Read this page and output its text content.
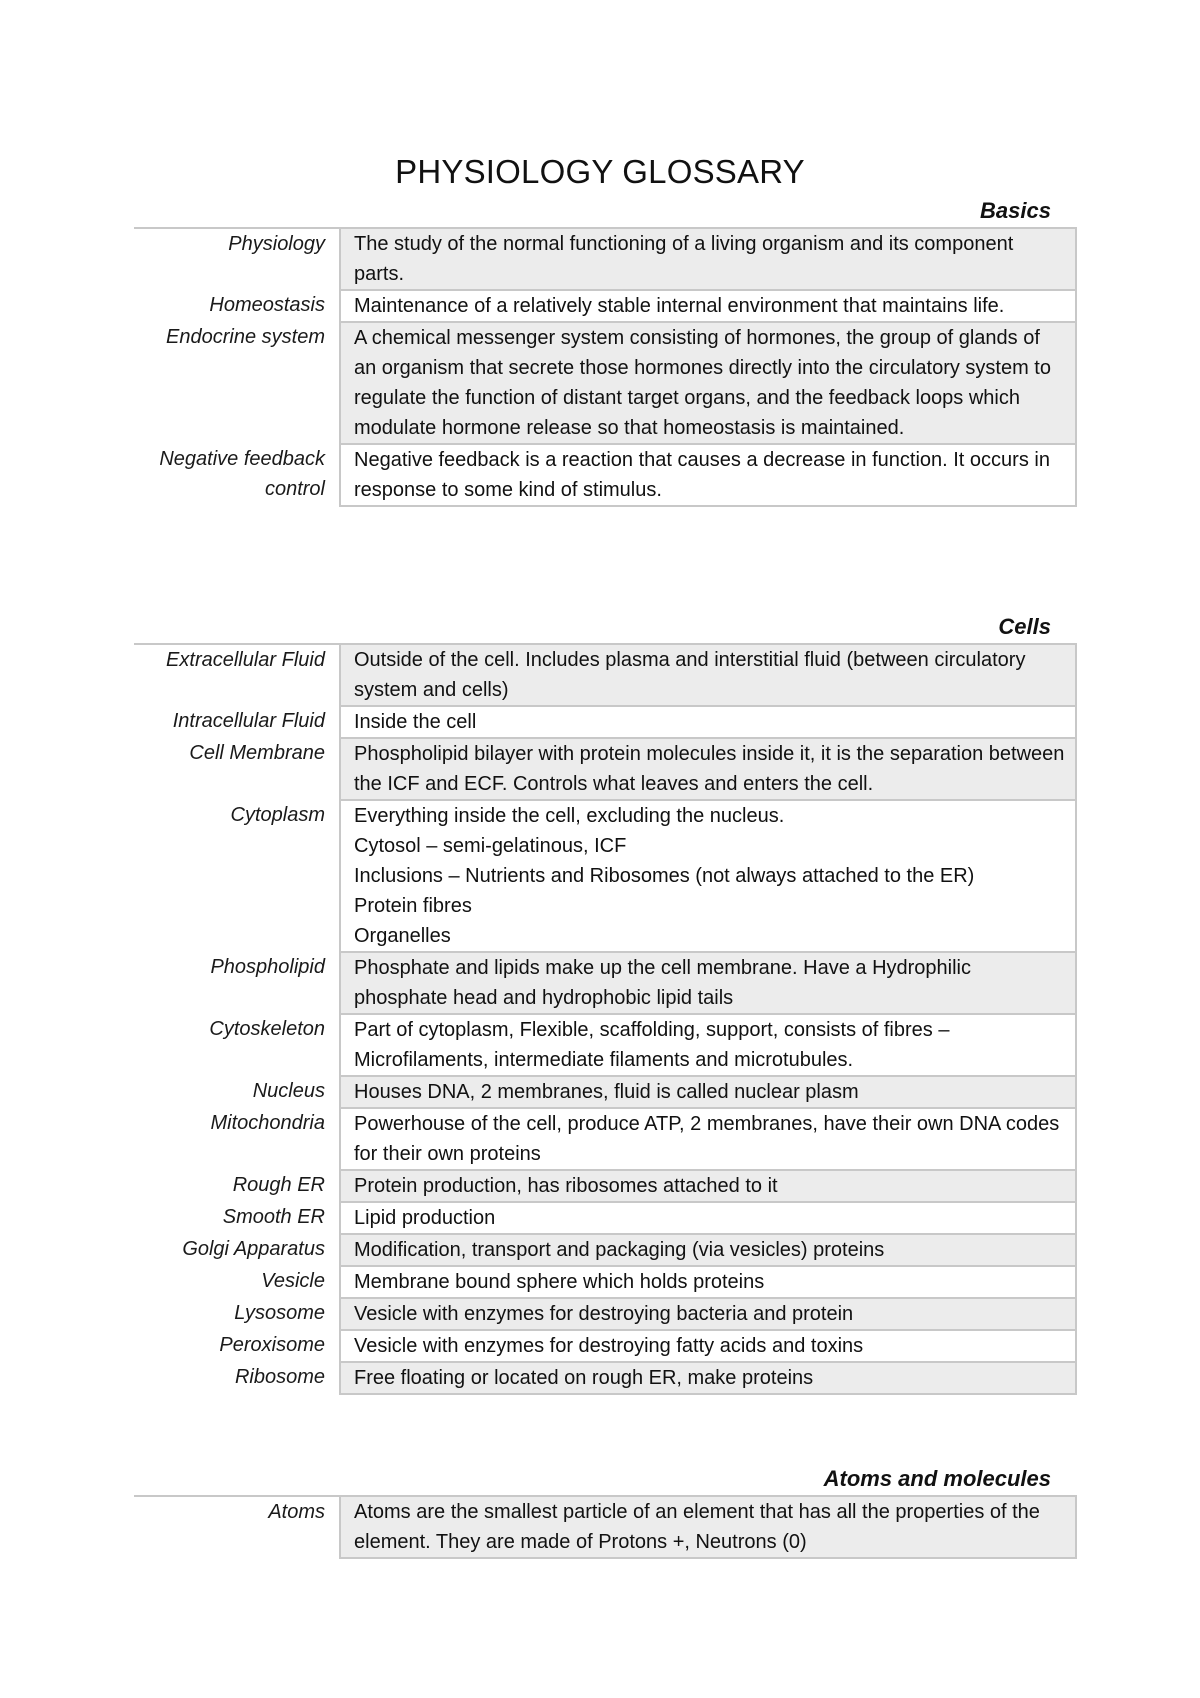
PHYSIOLOGY GLOSSARY
Basics
Physiology	The study of the normal functioning of a living organism and its component parts.
Homeostasis	Maintenance of a relatively stable internal environment that maintains life.
Endocrine system	A chemical messenger system consisting of hormones, the group of glands of an organism that secrete those hormones directly into the circulatory system to regulate the function of distant target organs, and the feedback loops which modulate hormone release so that homeostasis is maintained.
Negative feedback control	Negative feedback is a reaction that causes a decrease in function. It occurs in response to some kind of stimulus.
Cells
Extracellular Fluid	Outside of the cell. Includes plasma and interstitial fluid (between circulatory system and cells)
Intracellular Fluid	Inside the cell
Cell Membrane	Phospholipid bilayer with protein molecules inside it, it is the separation between the ICF and ECF. Controls what leaves and enters the cell.
Cytoplasm	Everything inside the cell, excluding the nucleus.
Cytosol – semi-gelatinous, ICF
Inclusions – Nutrients and Ribosomes (not always attached to the ER)
Protein fibres
Organelles

Phospholipid	Phosphate and lipids make up the cell membrane. Have a Hydrophilic phosphate head and hydrophobic lipid tails
Cytoskeleton	Part of cytoplasm, Flexible, scaffolding, support, consists of fibres – Microfilaments, intermediate filaments and microtubules.
Nucleus	Houses DNA, 2 membranes, fluid is called nuclear plasm
Mitochondria	Powerhouse of the cell, produce ATP, 2 membranes, have their own DNA codes for their own proteins
Rough ER	Protein production, has ribosomes attached to it
Smooth ER	Lipid production
Golgi Apparatus	Modification, transport and packaging (via vesicles) proteins
Vesicle	Membrane bound sphere which holds proteins
Lysosome	Vesicle with enzymes for destroying bacteria and protein
Peroxisome	Vesicle with enzymes for destroying fatty acids and toxins
Ribosome	Free floating or located on rough ER, make proteins
Atoms and molecules
Atoms	Atoms are the smallest particle of an element that has all the properties of the element. They are made of Protons +, Neutrons (0)
